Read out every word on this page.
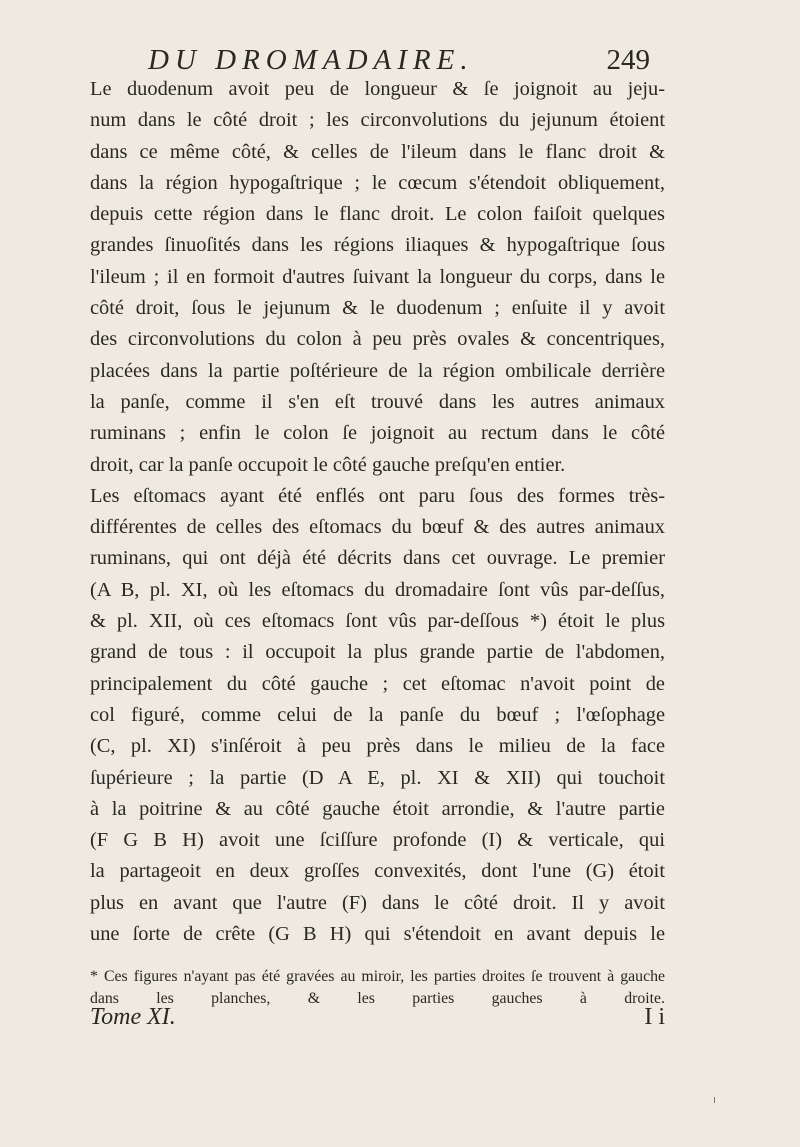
DU DROMADAIRE.	249
Le duodenum avoit peu de longueur & ſe joignoit au jeju-
num dans le côté droit ; les circonvolutions du jejunum étoient
dans ce même côté, & celles de l'ileum dans le flanc droit &
dans la région hypogaſtrique ; le cœcum s'étendoit obliquement,
depuis cette région dans le flanc droit. Le colon faiſoit quelques
grandes ſinuoſités dans les régions iliaques & hypogaſtrique ſous
l'ileum ; il en formoit d'autres ſuivant la longueur du corps, dans le
côté droit, ſous le jejunum & le duodenum ; enſuite il y avoit
des circonvolutions du colon à peu près ovales & concentriques,
placées dans la partie poſtérieure de la région ombilicale derrière
la panſe, comme il s'en eſt trouvé dans les autres animaux
ruminans ; enfin le colon ſe joignoit au rectum dans le côté
droit, car la panſe occupoit le côté gauche preſqu'en entier.
Les eſtomacs ayant été enflés ont paru ſous des formes très-
différentes de celles des eſtomacs du bœuf & des autres animaux
ruminans, qui ont déjà été décrits dans cet ouvrage. Le premier
(A B, pl. XI, où les eſtomacs du dromadaire ſont vûs par-deſſus,
& pl. XII, où ces eſtomacs ſont vûs par-deſſous *) étoit le plus
grand de tous : il occupoit la plus grande partie de l'abdomen,
principalement du côté gauche ; cet eſtomac n'avoit point de
col figuré, comme celui de la panſe du bœuf ; l'œſophage
(C, pl. XI) s'inſéroit à peu près dans le milieu de la face
ſupérieure ; la partie (D A E, pl. XI & XII) qui touchoit
à la poitrine & au côté gauche étoit arrondie, & l'autre partie
(F G B H) avoit une ſciſſure profonde (I) & verticale, qui
la partageoit en deux groſſes convexités, dont l'une (G) étoit
plus en avant que l'autre (F) dans le côté droit. Il y avoit
une ſorte de crête (G B H) qui s'étendoit en avant depuis le
* Ces figures n'ayant pas été gravées au miroir, les parties droites ſe trouvent à gauche dans les planches, & les parties gauches à droite.
Tome XI.	I i
